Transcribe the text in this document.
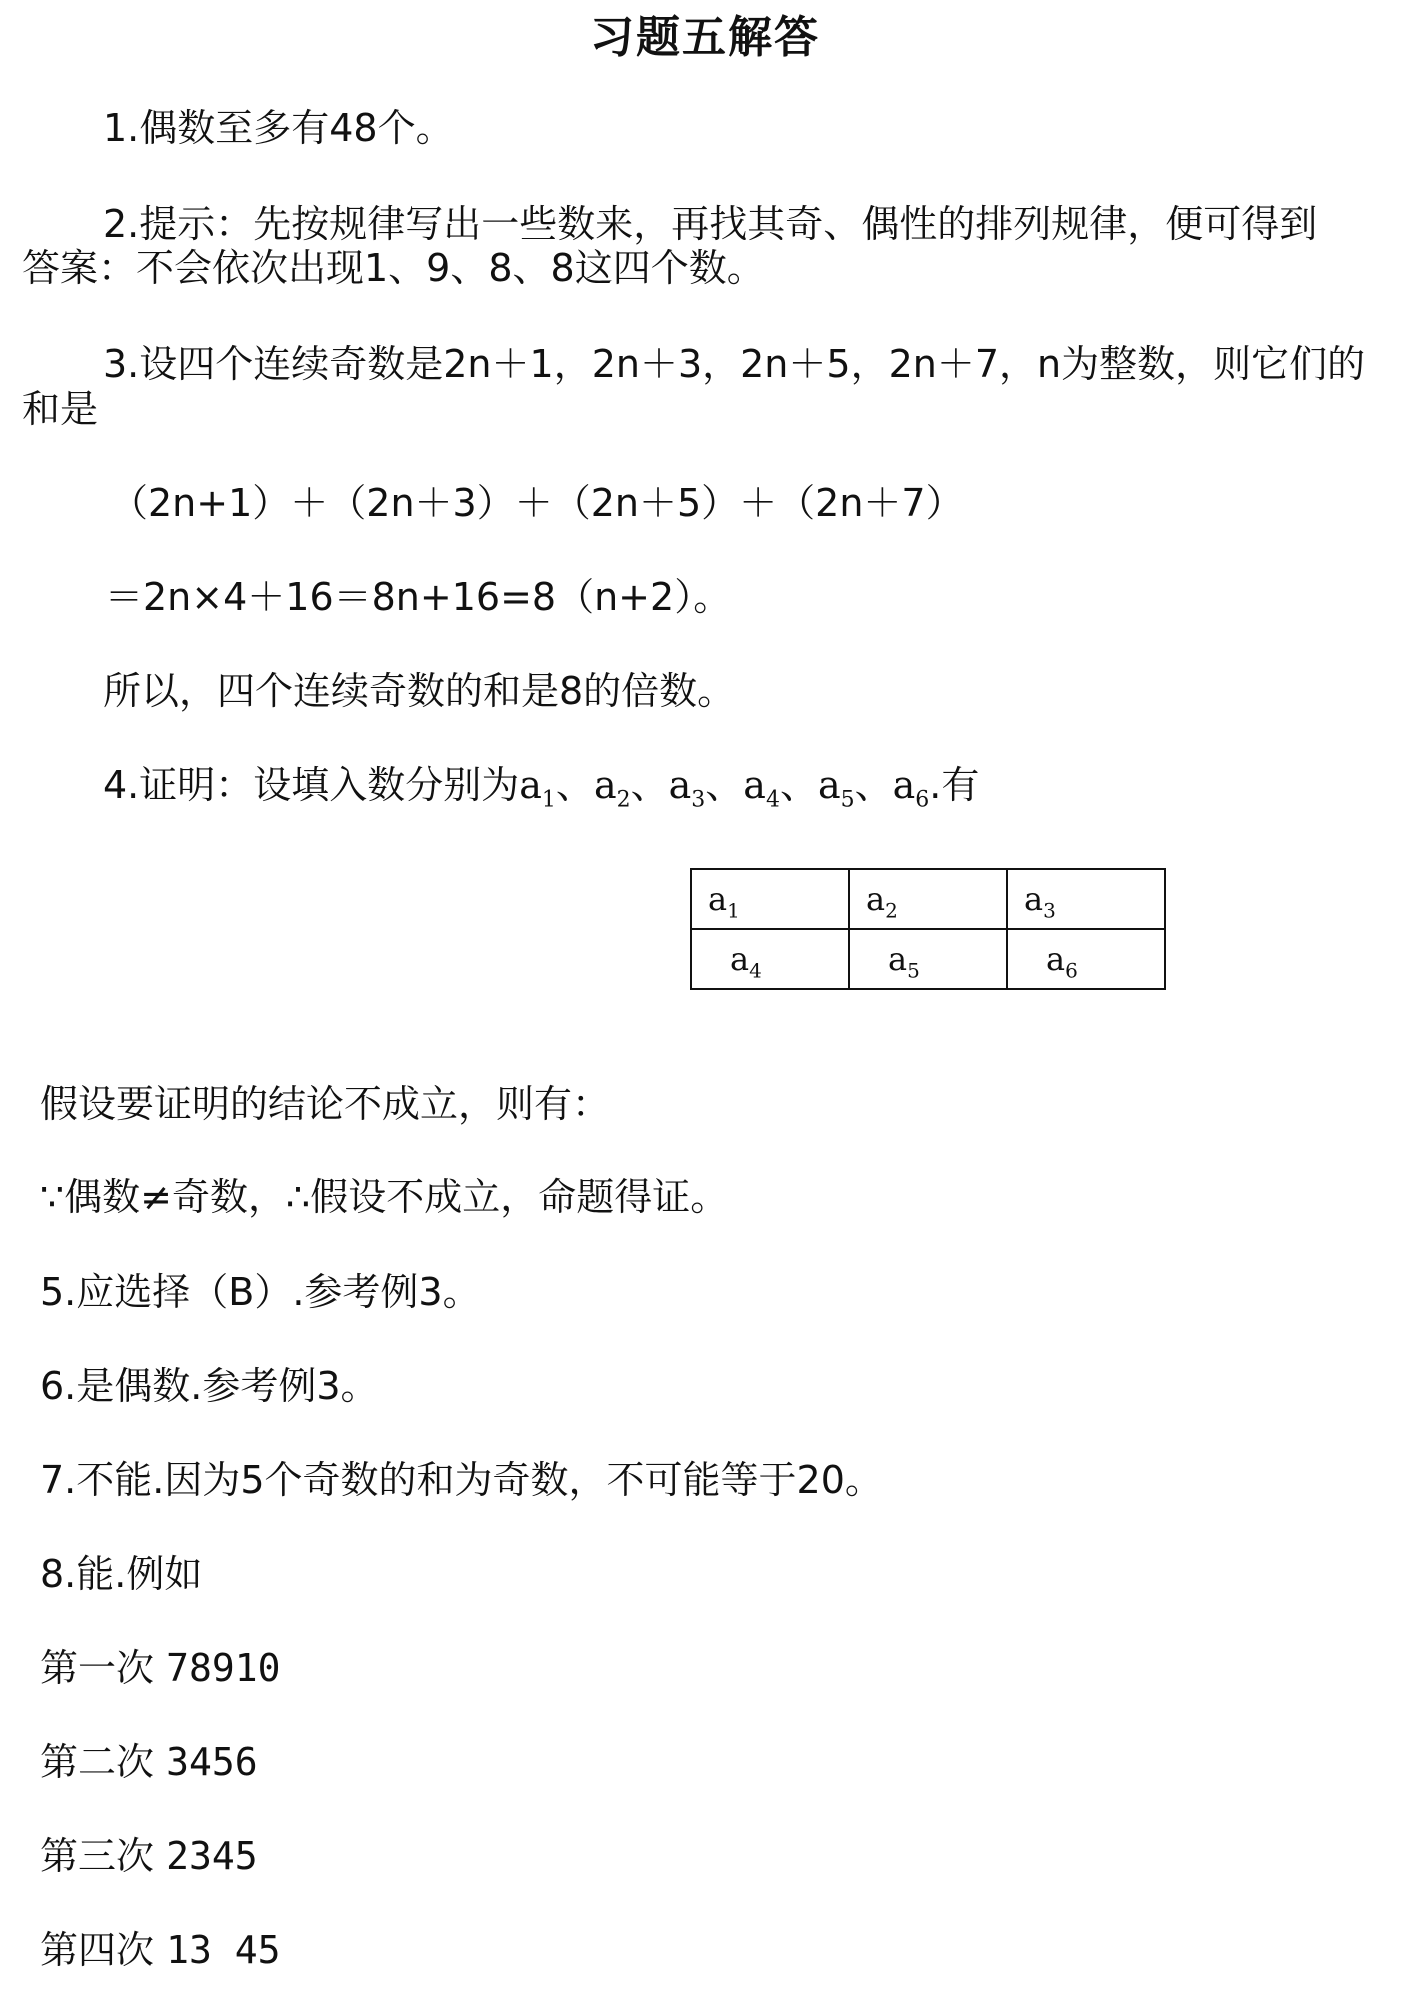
习题五解答
1.偶数至多有48个。
2.提示：先按规律写出一些数来，再找其奇、偶性的排列规律，便可得到
答案：不会依次出现1、9、8、8这四个数。
3.设四个连续奇数是2n＋1，2n＋3，2n＋5，2n＋7，n为整数，则它们的
和是
（2n+1）＋（2n＋3）＋（2n＋5）＋（2n＋7）
＝2n×4＋16＝8n+16=8（n+2）。
所以，四个连续奇数的和是8的倍数。
4.证明：设填入数分别为$a_1$、$a_2$、$a_3$、$a_4$、$a_5$、$a_6$.有
$a_1$	$a_2$	$a_3$
$a_4$	$a_5$	$a_6$
假设要证明的结论不成立，则有：
∵偶数≠奇数，∴假设不成立，命题得证。
5.应选择（B）.参考例3。
6.是偶数.参考例3。
7.不能.因为5个奇数的和为奇数，不可能等于20。
8.能.例如
第一次 78910
第二次 3456
第三次 2345
第四次 13 45
